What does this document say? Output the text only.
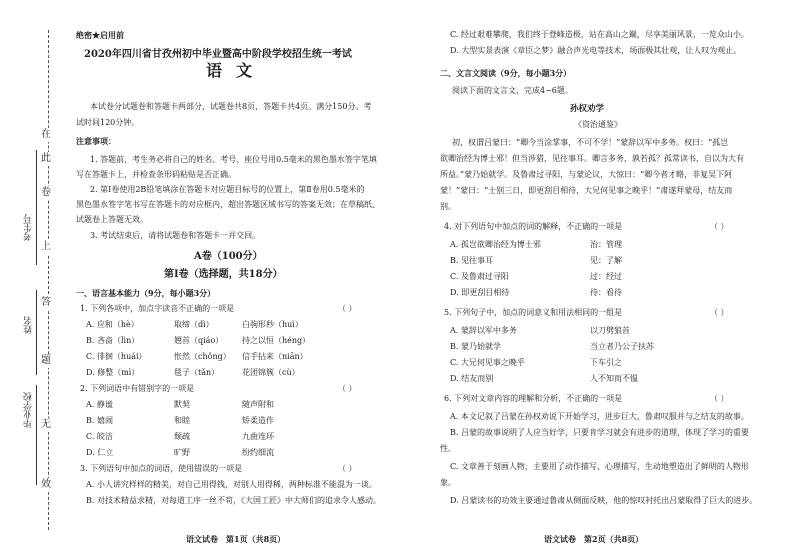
在
此
卷
上
答
题
无
效
考生号
姓名
毕业学校
绝密★启用前
2020年四川省甘孜州初中毕业暨高中阶段学校招生统一考试
语文
本试卷分试题卷和答题卡两部分，试题卷共8页，答题卡共4页。满分150分。考
试时间120分钟。
注意事项：
1. 答题前，考生务必将自己的姓名、考号、座位号用0.5毫米的黑色墨水签字笔填
写在答题卡上，并检查条形码粘贴是否正确。
2. 第Ⅰ卷使用2B铅笔填涂在答题卡对应题目标号的位置上，第Ⅱ卷用0.5毫米的
黑色墨水签字笔书写在答题卡的对应框内，超出答题区域书写的答案无效；在草稿纸、
试题卷上答题无效。
3. 考试结束后，请将试题卷和答题卡一并交回。
A卷（100分）
第Ⅰ卷（选择题，共18分）
一、语言基本能力（9分，每小题3分）
1. 下列各项中，加点字读音不正确的一项是	（ ）
A. 应和（hè）	取缔（dì）	白驹形秒（huì）
B. 吝啬（lìn）	翘首（qiáo） 持之以恒（héng）
C. 徘徊（huái）	怅然（chǒng） 信手拈来（niān）
D. 修整（mì）	毯子（tǎn）	花团锦簇（cù）
2. 下列词语中有错别字的一项是	（ ）
A. 静谧	默契	随声附和
B. 嬉闹	和睦	矫柔造作
C. 皎洁	颓疏	九曲连环
D. 仁立	旷野	纷约细流
3. 下列语句中加点的词语，使用错误的一项是	（ ）
A. 小人讲究样样的精美，对自己用得钱，对别人用得稀，两种标准不能混为一谈。
B. 对技术精益求精，对每道工序一丝不苟，《大国工匠》中大师们的追求令人感动。
语文试卷　第1页（共8页）
C. 经过艰难攀爬，我们终于登峰造极，站在高山之巅，尽享美丽风景，一览众山小。
D. 大型实景表演《章臣之梦》融合声光电等技术，场面极其壮观，让人叹为观止。
二、文言文阅读（9分，每小题3分）
阅读下面的文言文，完成4~6题。
孙权劝学
《资治通鉴》
初，权谓吕蒙曰：“卿今当涂掌事，不可不学！”蒙辞以军中多务。权曰：“孤岂
欲卿治经为博士邪！但当涉猎，见往事耳。卿言多务，孰若孤？孤常读书，自以为大有
所益。”蒙乃始就学。及鲁肃过寻阳，与蒙论议，大惊曰：“卿今者才略，非复吴下阿
蒙！”蒙曰：“士别三日，即更刮目相待，大兄何见事之晚乎！”肃遂拜蒙母，结友而
别。
4. 对下列语句中加点的词的解释，不正确的一项是	（ ）
A. 孤岂欲卿治经为博士邪	治：管理
B. 见往事耳	见：了解
C. 及鲁肃过寻阳	过：经过
D. 即更刮目相待	待：看待
5. 下列句子中，加点的词意义和用法相同的一组是	（ ）
A. 蒙辞以军中多务	以刀劈狼首
B. 蒙乃始就学	当立者乃公子扶苏
C. 大兄何见事之晚乎	下车引之
D. 结友而别	人不知而不愠
6. 下列对文章内容的理解和分析，不正确的一项是	（ ）
A. 本文记叙了吕蒙在孙权劝说下开始学习，进步巨大，鲁肃叹服并与之结友的故事。
B. 吕蒙的故事说明了人应当好学，只要肯学习就会有进步的道理，体现了学习的重要
性。
C. 文章善于刻画人物，主要用了动作描写、心理描写，生动地塑造出了鲜明的人物形
象。
D. 吕蒙读书的功效主要通过鲁肃从侧面反映，他的惊叹衬托出吕蒙取得了巨大的进步。
语文试卷　第2页（共8页）
